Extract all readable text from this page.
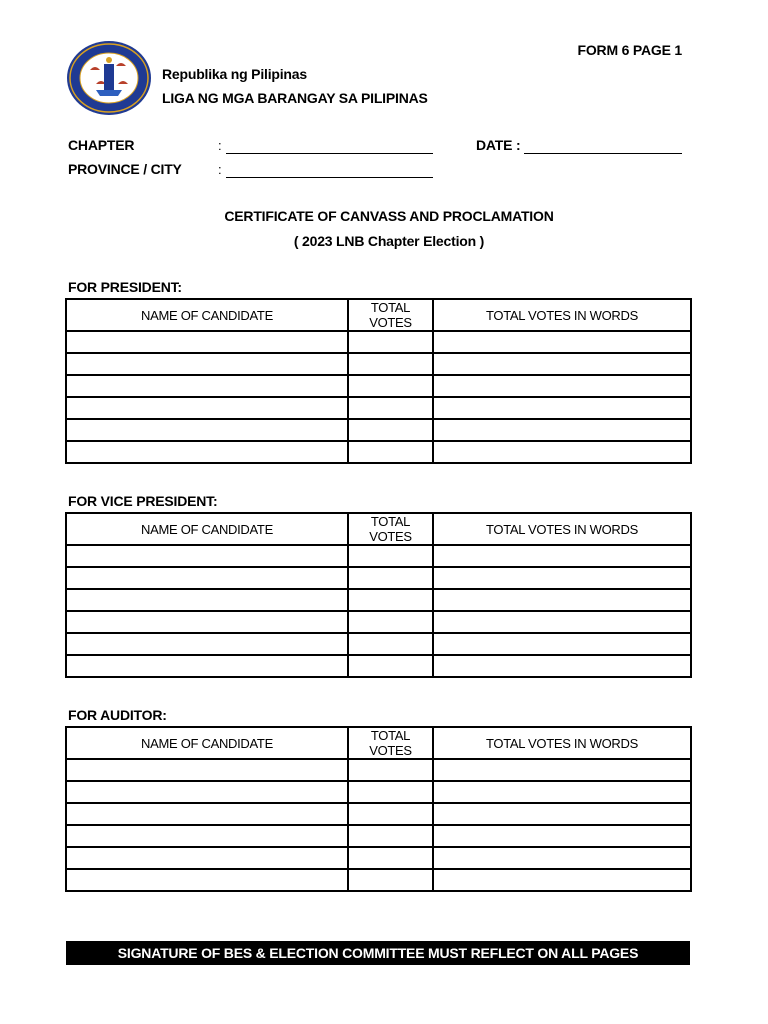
FORM 6 PAGE 1
Republika ng Pilipinas
LIGA NG MGA BARANGAY SA PILIPINAS
CHAPTER	:
PROVINCE / CITY	:
DATE :
CERTIFICATE OF CANVASS AND PROCLAMATION
( 2023 LNB Chapter Election )
FOR PRESIDENT:
NAME OF CANDIDATE	TOTAL VOTES	TOTAL VOTES IN WORDS

FOR VICE PRESIDENT:
NAME OF CANDIDATE	TOTAL VOTES	TOTAL VOTES IN WORDS

FOR AUDITOR:
NAME OF CANDIDATE	TOTAL VOTES	TOTAL VOTES IN WORDS

SIGNATURE OF BES & ELECTION COMMITTEE MUST REFLECT ON ALL PAGES
